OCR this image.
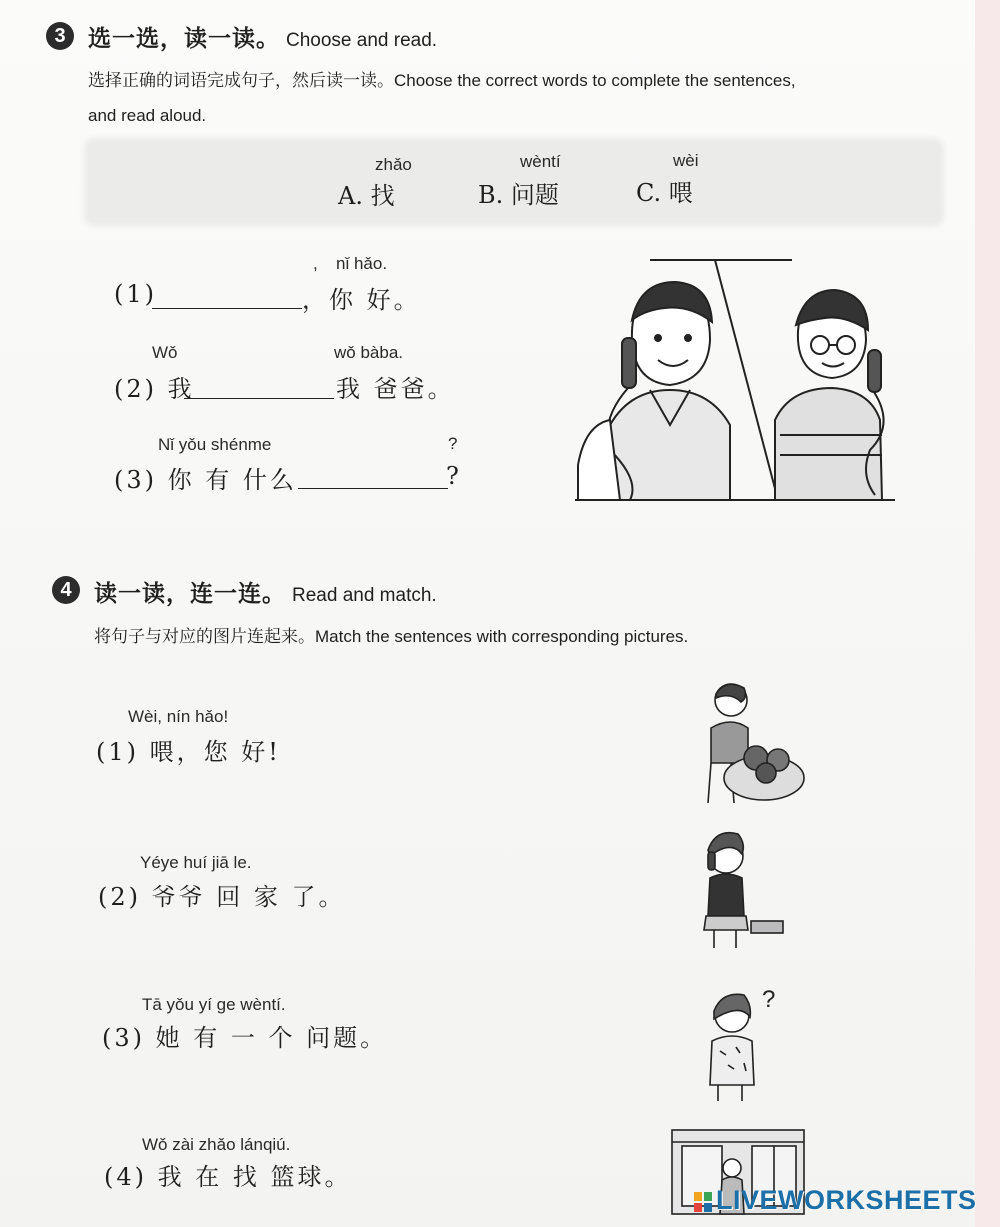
3 选一选，读一读。 Choose and read.
选择正确的词语完成句子，然后读一读。Choose the correct words to complete the sentences,
and read aloud.
zhǎo
A. 找
wèntí
B. 问题
wèi
C. 喂
, nǐ hǎo.
(1)	，你 好。
Wǒ	wǒ bàba.
(2) 我	我 爸爸。
Nǐ yǒu shénme	?
(3) 你 有 什么	?
4 读一读，连一连。 Read and match.
将句子与对应的图片连起来。Match the sentences with corresponding pictures.
Wèi, nín hǎo!
(1) 喂，您 好!
Yéye huí jiā le.
(2) 爷爷 回 家 了。
Tā yǒu yí ge wèntí.
(3) 她 有 一 个 问题。
Wǒ zài zhǎo lánqiú.
(4) 我 在 找 篮球。
?
LIVEWORKSHEETS
